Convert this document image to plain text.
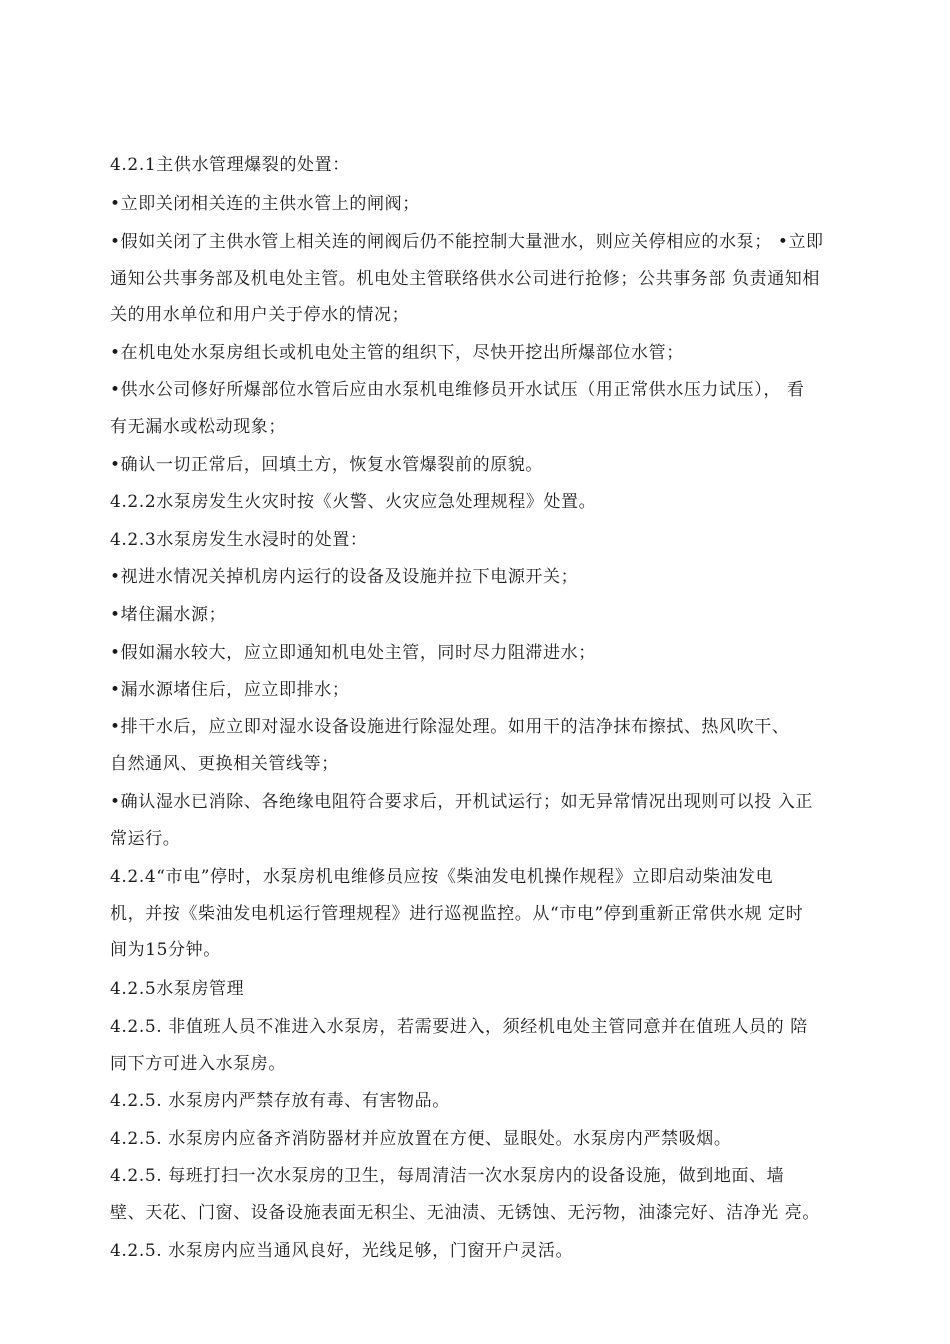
4.2.1主供水管理爆裂的处置：

•立即关闭相关连的主供水管上的闸阀；

•假如关闭了主供水管上相关连的闸阀后仍不能控制大量泄水，则应关停相应的水泵； •立即
通知公共事务部及机电处主管。机电处主管联络供水公司进行抢修；公共事务部 负责通知相
关的用水单位和用户关于停水的情况；

•在机电处水泵房组长或机电处主管的组织下，尽快开挖出所爆部位水管；

•供水公司修好所爆部位水管后应由水泵机电维修员开水试压（用正常供水压力试压）， 看
有无漏水或松动现象；

•确认一切正常后，回填土方，恢复水管爆裂前的原貌。

4.2.2水泵房发生火灾时按《火警、火灾应急处理规程》处置。

4.2.3水泵房发生水浸时的处置：

•视进水情况关掉机房内运行的设备及设施并拉下电源开关；

•堵住漏水源；

•假如漏水较大，应立即通知机电处主管，同时尽力阻滞进水；

•漏水源堵住后，应立即排水；

•排干水后，应立即对湿水设备设施进行除湿处理。如用干的洁净抹布擦拭、热风吹干、
自然通风、更换相关管线等；

•确认湿水已消除、各绝缘电阻符合要求后，开机试运行；如无异常情况出现则可以投 入正
常运行。

4.2.4“市电”停时，水泵房机电维修员应按《柴油发电机操作规程》立即启动柴油发电
机，并按《柴油发电机运行管理规程》进行巡视监控。从“市电”停到重新正常供水规 定时
间为15分钟。

4.2.5水泵房管理

4.2.5. 非值班人员不准进入水泵房，若需要进入，须经机电处主管同意并在值班人员的 陪
同下方可进入水泵房。

4.2.5. 水泵房内严禁存放有毒、有害物品。

4.2.5. 水泵房内应备齐消防器材并应放置在方便、显眼处。水泵房内严禁吸烟。

4.2.5. 每班打扫一次水泵房的卫生，每周清洁一次水泵房内的设备设施，做到地面、墙
壁、天花、门窗、设备设施表面无积尘、无油渍、无锈蚀、无污物，油漆完好、洁净光 亮。

4.2.5. 水泵房内应当通风良好，光线足够，门窗开户灵活。
